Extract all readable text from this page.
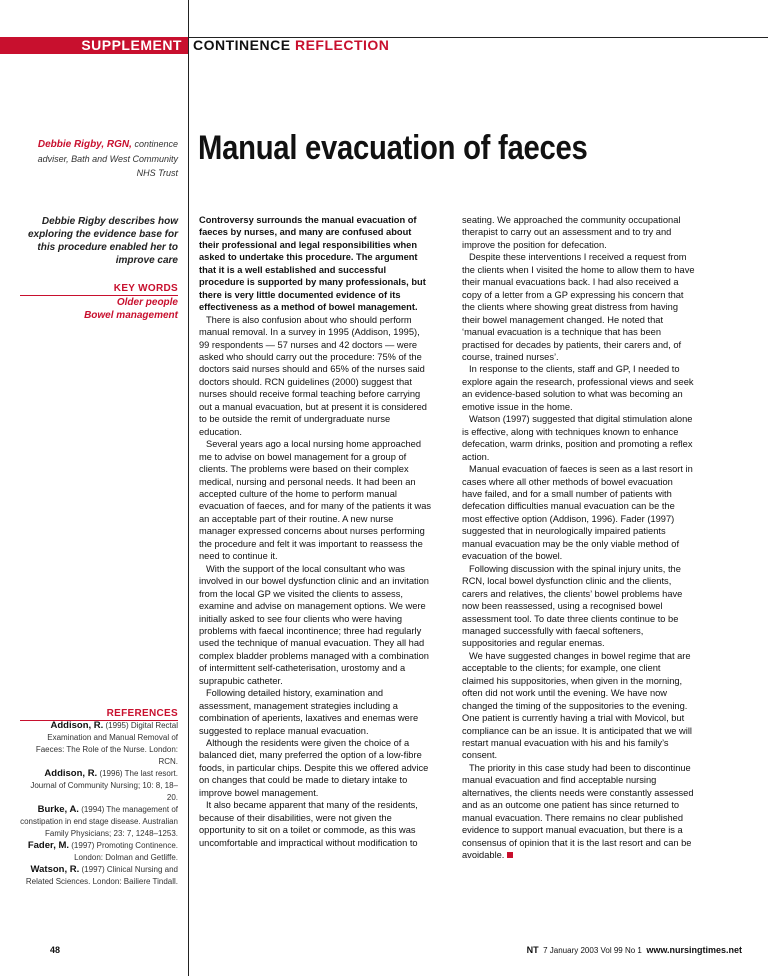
SUPPLEMENT CONTINENCE REFLECTION
Debbie Rigby, RGN, continence adviser, Bath and West Community NHS Trust
Manual evacuation of faeces
Debbie Rigby describes how exploring the evidence base for this procedure enabled her to improve care
KEY WORDS
Older people
Bowel management
REFERENCES
Addison, R. (1995) Digital Rectal Examination and Manual Removal of Faeces: The Role of the Nurse. London: RCN.
Addison, R. (1996) The last resort. Journal of Community Nursing; 10: 8, 18–20.
Burke, A. (1994) The management of constipation in end stage disease. Australian Family Physicians; 23: 7, 1248–1253.
Fader, M. (1997) Promoting Continence. London: Dolman and Getliffe.
Watson, R. (1997) Clinical Nursing and Related Sciences. London: Bailiere Tindall.

Controversy surrounds the manual evacuation of faeces by nurses, and many are confused about their professional and legal responsibilities when asked to undertake this procedure. The argument that it is a well established and successful procedure is supported by many professionals, but there is very little documented evidence of its effectiveness as a method of bowel management.

There is also confusion about who should perform manual removal. In a survey in 1995 (Addison, 1995), 99 respondents — 57 nurses and 42 doctors — were asked who should carry out the procedure: 75% of the doctors said nurses should and 65% of the nurses said doctors should. RCN guidelines (2000) suggest that nurses should receive formal teaching before carrying out a manual evacuation, but at present it is considered to be outside the remit of undergraduate nurse education.

Several years ago a local nursing home approached me to advise on bowel management for a group of clients. The problems were based on their complex medical, nursing and personal needs. It had been an accepted culture of the home to perform manual evacuation of faeces, and for many of the patients it was an acceptable part of their routine. A new nurse manager expressed concerns about nurses performing the procedure and felt it was important to reassess the need to continue it.

With the support of the local consultant who was involved in our bowel dysfunction clinic and an invitation from the local GP we visited the clients to assess, examine and advise on management options. We were initially asked to see four clients who were having problems with faecal incontinence; three had regularly used the technique of manual evacuation. They all had complex bladder problems managed with a combination of intermittent self-catheterisation, urostomy and a suprapubic catheter.

Following detailed history, examination and assessment, management strategies including a combination of aperients, laxatives and enemas were suggested to replace manual evacuation.

Although the residents were given the choice of a balanced diet, many preferred the option of a low-fibre foods, in particular chips. Despite this we offered advice on changes that could be made to dietary intake to improve bowel management.

It also became apparent that many of the residents, because of their disabilities, were not given the opportunity to sit on a toilet or commode, as this was uncomfortable and impractical without modification to

seating. We approached the community occupational therapist to carry out an assessment and to try and improve the position for defecation.

Despite these interventions I received a request from the clients when I visited the home to allow them to have their manual evacuations back. I had also received a copy of a letter from a GP expressing his concern that the clients where showing great distress from having their bowel management changed. He noted that ‘manual evacuation is a technique that has been practised for decades by patients, their carers and, of course, trained nurses’.

In response to the clients, staff and GP, I needed to explore again the research, professional views and seek an evidence-based solution to what was becoming an emotive issue in the home.

Watson (1997) suggested that digital stimulation alone is effective, along with techniques known to enhance defecation, warm drinks, position and promoting a reflex action.

Manual evacuation of faeces is seen as a last resort in cases where all other methods of bowel evacuation have failed, and for a small number of patients with defecation difficulties manual evacuation can be the most effective option (Addison, 1996). Fader (1997) suggested that in neurologically impaired patients manual evacuation may be the only viable method of evacuation of the bowel.

Following discussion with the spinal injury units, the RCN, local bowel dysfunction clinic and the clients, carers and relatives, the clients’ bowel problems have now been reassessed, using a recognised bowel assessment tool. To date three clients continue to be managed successfully with faecal softeners, suppositories and regular enemas.

We have suggested changes in bowel regime that are acceptable to the clients; for example, one client claimed his suppositories, when given in the morning, often did not work until the evening. We have now changed the timing of the suppositories to the evening. One patient is currently having a trial with Movicol, but compliance can be an issue. It is anticipated that we will restart manual evacuation with his and his family’s consent.

The priority in this case study had been to discontinue manual evacuation and find acceptable nursing alternatives, the clients needs were constantly assessed and as an outcome one patient has since returned to manual evacuation. There remains no clear published evidence to support manual evacuation, but there is a consensus of opinion that it is the last resort and can be avoidable.

48	NT 7 January 2003 Vol 99 No 1 www.nursingtimes.net
